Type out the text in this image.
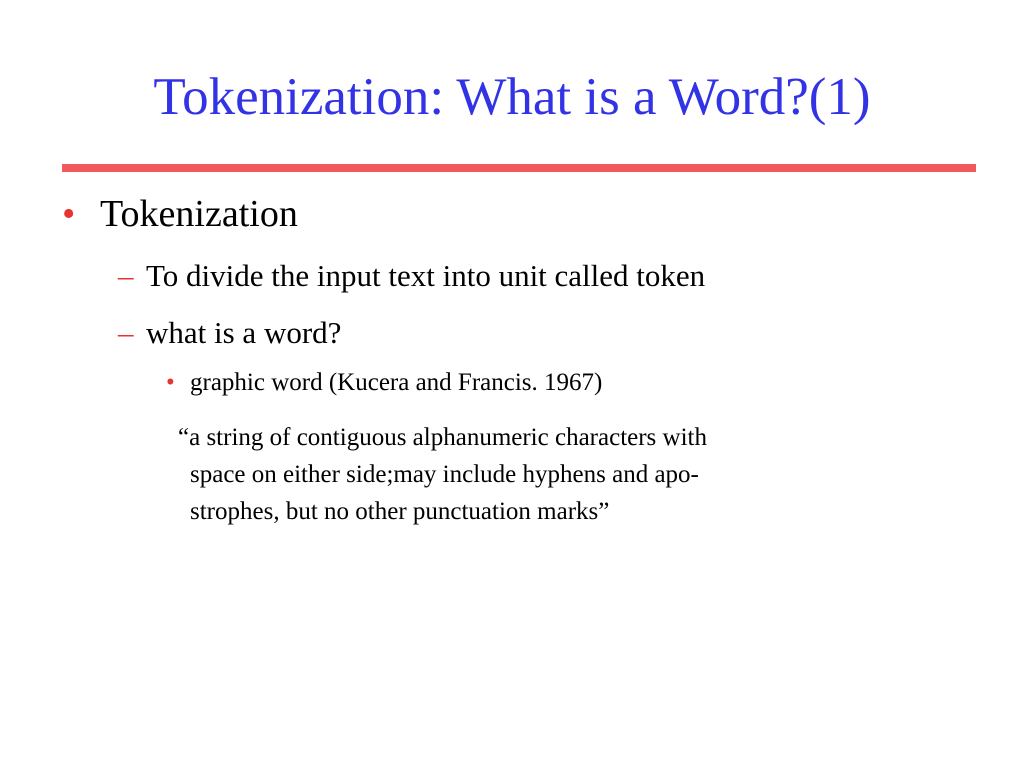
Tokenization: What is a Word?(1)
• Tokenization
– To divide the input text into unit called token
– what is a word?
• graphic word (Kucera and Francis. 1967)
“a string of contiguous alphanumeric characters with
space on either side;may include hyphens and apo-
strophes, but no other punctuation marks”
